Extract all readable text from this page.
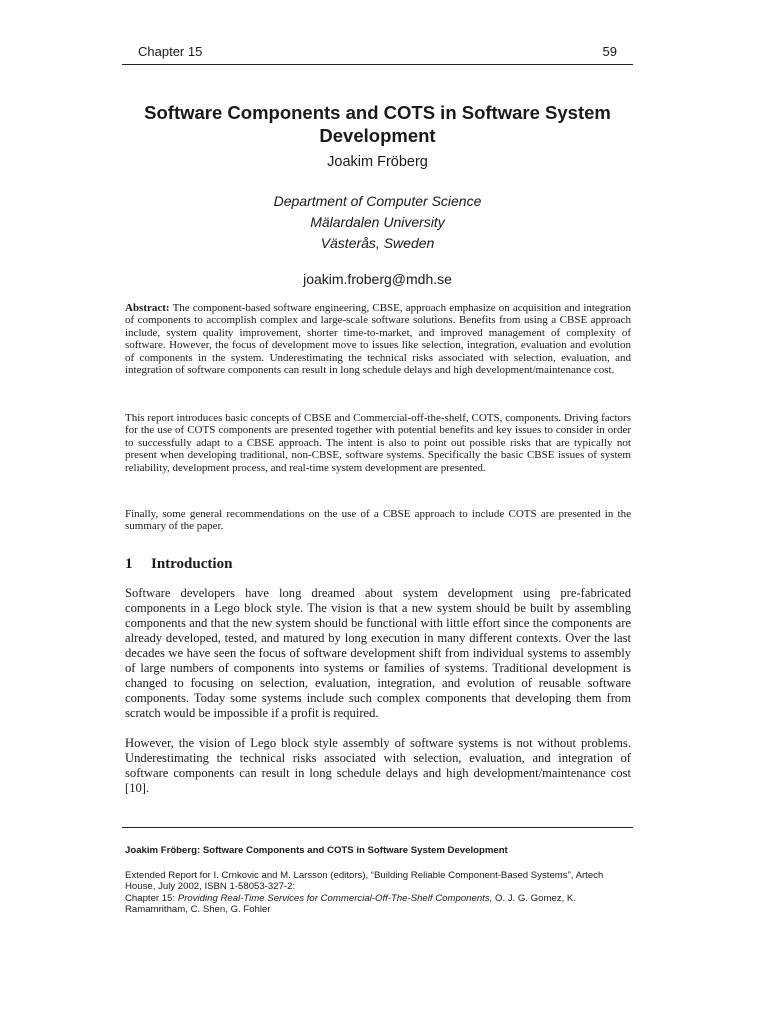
Chapter 15	59
Software Components and COTS in Software System
Development
Joakim Fröberg
Department of Computer Science
Mälardalen University
Västerås, Sweden
joakim.froberg@mdh.se

Abstract: The component-based software engineering, CBSE, approach emphasize on acquisition and integration of components to accomplish complex and large-scale software solutions. Benefits from using a CBSE approach include, system quality improvement, shorter time-to-market, and improved management of complexity of software. However, the focus of development move to issues like selection, integration, evaluation and evolution of components in the system. Underestimating the technical risks associated with selection, evaluation, and integration of software components can result in long schedule delays and high development/maintenance cost.

This report introduces basic concepts of CBSE and Commercial-off-the-shelf, COTS, components. Driving factors for the use of COTS components are presented together with potential benefits and key issues to consider in order to successfully adapt to a CBSE approach. The intent is also to point out possible risks that are typically not present when developing traditional, non-CBSE, software systems. Specifically the basic CBSE issues of system reliability, development process, and real-time system development are presented.

Finally, some general recommendations on the use of a CBSE approach to include COTS are presented in the summary of the paper.

1 Introduction

Software developers have long dreamed about system development using pre-fabricated components in a Lego block style. The vision is that a new system should be built by assembling components and that the new system should be functional with little effort since the components are already developed, tested, and matured by long execution in many different contexts. Over the last decades we have seen the focus of software development shift from individual systems to assembly of large numbers of components into systems or families of systems. Traditional development is changed to focusing on selection, evaluation, integration, and evolution of reusable software components. Today some systems include such complex components that developing them from scratch would be impossible if a profit is required.

However, the vision of Lego block style assembly of software systems is not without problems. Underestimating the technical risks associated with selection, evaluation, and integration of software components can result in long schedule delays and high development/maintenance cost [10].

Joakim Fröberg: Software Components and COTS in Software System Development
Extended Report for I. Crnkovic and M. Larsson (editors), “Building Reliable Component-Based Systems”, Artech House, July 2002, ISBN 1-58053-327-2:
Chapter 15: Providing Real-Time Services for Commercial-Off-The-Shelf Components, O. J. G. Gomez, K. Ramamritham, C. Shen, G. Fohler
